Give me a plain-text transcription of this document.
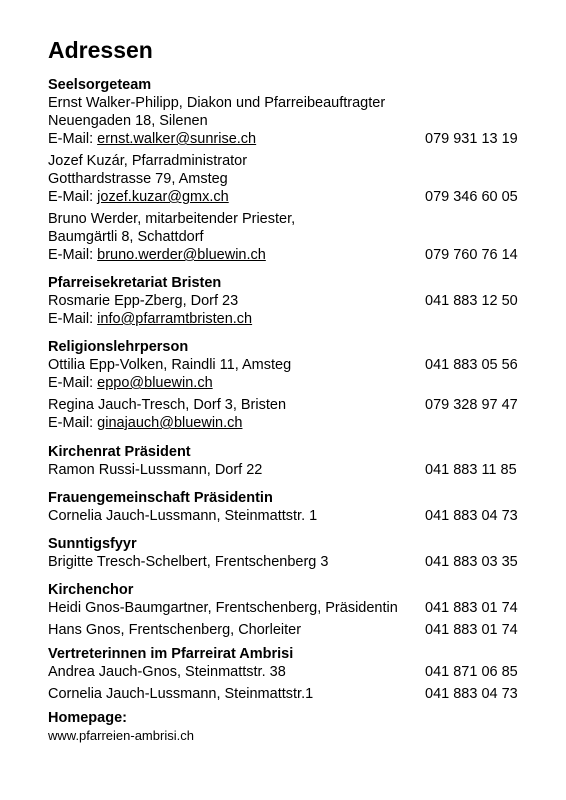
Adressen
Seelsorgeteam
Ernst Walker-Philipp, Diakon und Pfarreibeauftragter
Neuengaden 18, Silenen
E-Mail: ernst.walker@sunrise.ch	079 931 13 19
Jozef Kuzár, Pfarradministrator
Gotthardstrasse 79, Amsteg
E-Mail: jozef.kuzar@gmx.ch	079 346 60 05
Bruno Werder, mitarbeitender Priester,
Baumgärtli 8, Schattdorf
E-Mail: bruno.werder@bluewin.ch	079 760 76 14
Pfarreisekretariat Bristen
Rosmarie Epp-Zberg, Dorf 23	041 883 12 50
E-Mail: info@pfarramtbristen.ch
Religionslehrperson
Ottilia Epp-Volken, Raindli 11, Amsteg	041 883 05 56
E-Mail: eppo@bluewin.ch
Regina Jauch-Tresch, Dorf 3, Bristen	079 328 97 47
E-Mail: ginajauch@bluewin.ch
Kirchenrat Präsident
Ramon Russi-Lussmann, Dorf 22	041 883 11 85
Frauengemeinschaft Präsidentin
Cornelia Jauch-Lussmann, Steinmattstr. 1	041 883 04 73
Sunntigsfyyr
Brigitte Tresch-Schelbert, Frentschenberg 3	041 883 03 35
Kirchenchor
Heidi Gnos-Baumgartner, Frentschenberg, Präsidentin 041 883 01 74
Hans Gnos, Frentschenberg, Chorleiter	041 883 01 74
Vertreterinnen im Pfarreirat Ambrisi
Andrea Jauch-Gnos, Steinmattstr. 38	041 871 06 85
Cornelia Jauch-Lussmann, Steinmattstr.1	041 883 04 73
Homepage:
www.pfarreien-ambrisi.ch
